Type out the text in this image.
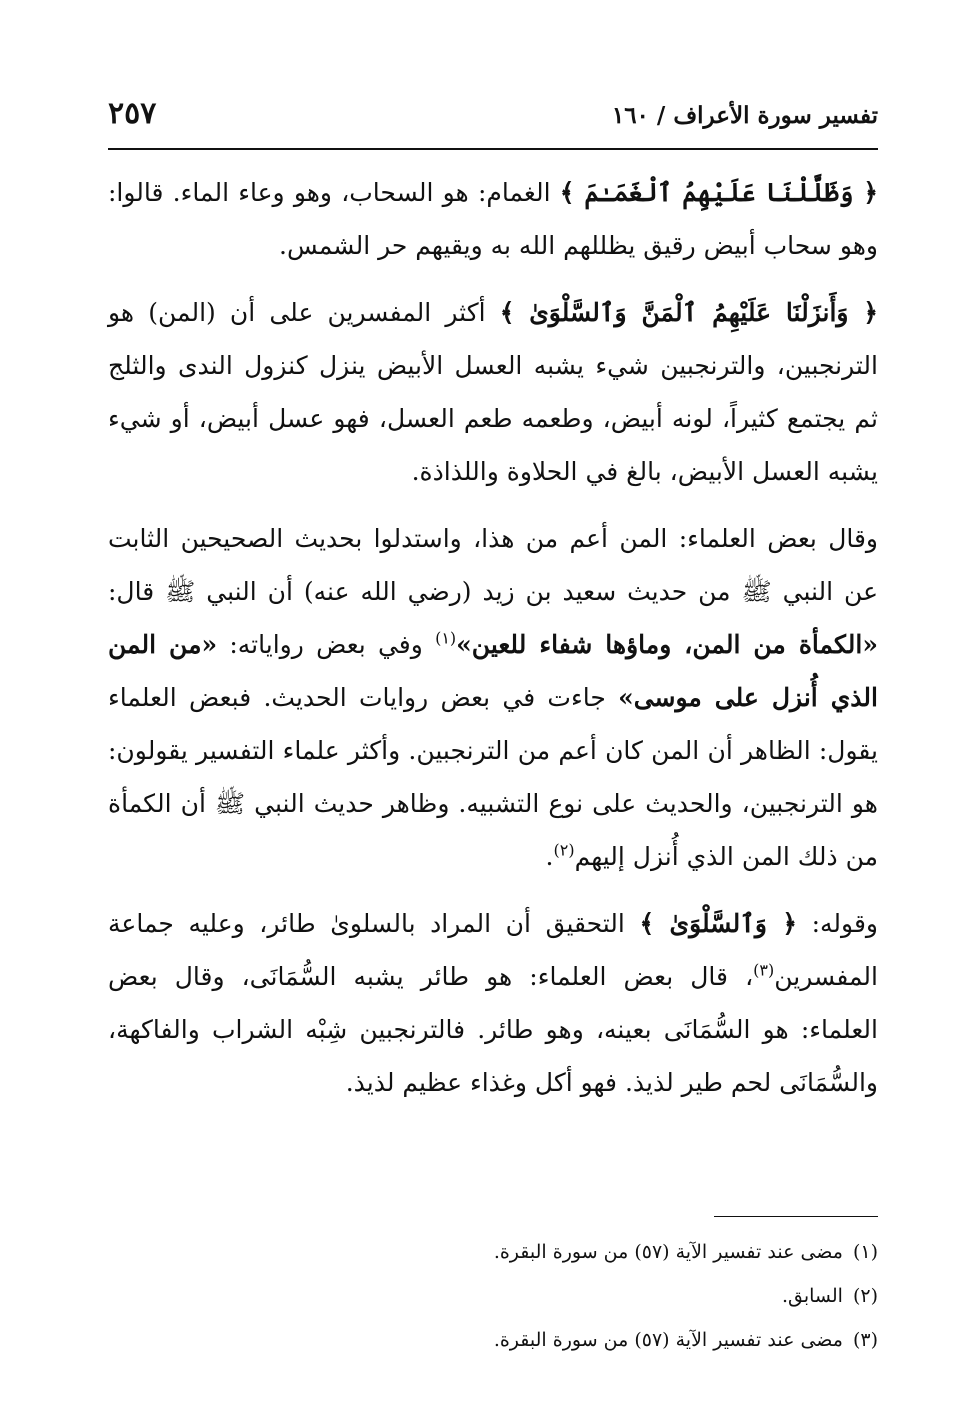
تفسير سورة الأعراف / ١٦٠
٢٥٧

﴿ وَظَلَّلْنَا عَلَيْهِمُ ٱلْغَمَـٰمَ ﴾ الغمام: هو السحاب، وهو وعاء الماء. قالوا: وهو سحاب أبيض رقيق يظللهم الله به ويقيهم حر الشمس.

﴿ وَأَنزَلْنَا عَلَيْهِمُ ٱلْمَنَّ وَٱلسَّلْوَىٰ ﴾ أكثر المفسرين على أن (المن) هو الترنجبين، والترنجبين شيء يشبه العسل الأبيض ينزل كنزول الندى والثلج ثم يجتمع كثيراً، لونه أبيض، وطعمه طعم العسل، فهو عسل أبيض، أو شيء يشبه العسل الأبيض، بالغ في الحلاوة واللذاذة.

وقال بعض العلماء: المن أعم من هذا، واستدلوا بحديث الصحيحين الثابت عن النبي ﷺ من حديث سعيد بن زيد (رضي الله عنه) أن النبي ﷺ قال: «الكمأة من المن، وماؤها شفاء للعين»$^{(١)}$ وفي بعض رواياته: «من المن الذي أُنزل على موسى» جاءت في بعض روايات الحديث. فبعض العلماء يقول: الظاهر أن المن كان أعم من الترنجبين. وأكثر علماء التفسير يقولون: هو الترنجبين، والحديث على نوع التشبيه. وظاهر حديث النبي ﷺ أن الكمأة من ذلك المن الذي أُنزل إليهم$^{(٢)}$.

وقوله: ﴿ وَٱلسَّلْوَىٰ ﴾ التحقيق أن المراد بالسلوىٰ طائر، وعليه جماعة المفسرين$^{(٣)}$، قال بعض العلماء: هو طائر يشبه السُّمَانَى، وقال بعض العلماء: هو السُّمَانَى بعينه، وهو طائر. فالترنجبين شِبْه الشراب والفاكهة، والسُّمَانَى لحم طير لذيذ. فهو أكل وغذاء عظيم لذيذ.

(١)مضى عند تفسير الآية (٥٧) من سورة البقرة.

(٢)السابق.

(٣)مضى عند تفسير الآية (٥٧) من سورة البقرة.
